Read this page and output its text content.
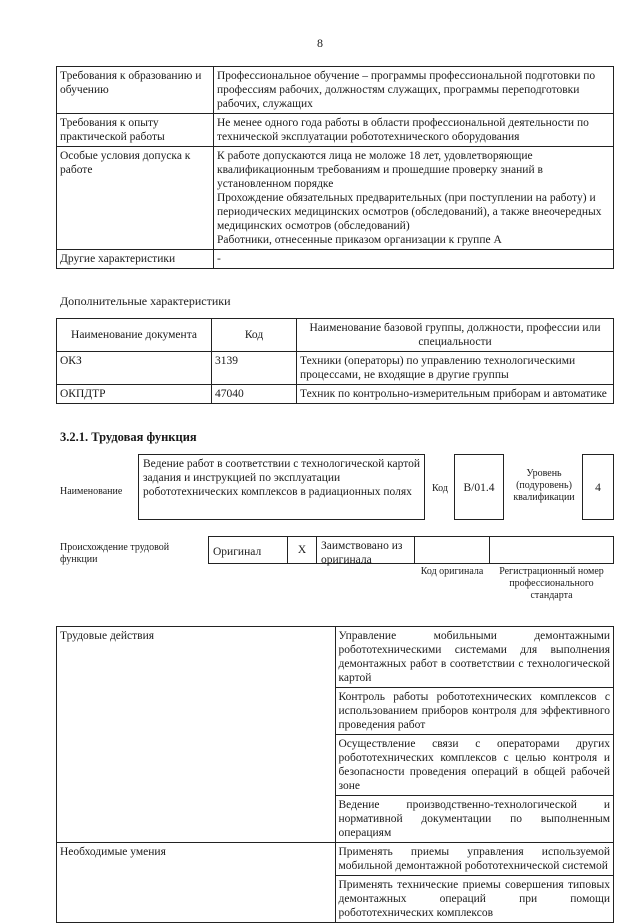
8
Требования к образованию и обучению	Профессиональное обучение – программы профессиональной подготовки по профессиям рабочих, должностям служащих, программы переподготовки рабочих, служащих
Требования к опыту практической работы	Не менее одного года работы в области профессиональной деятельности по технической эксплуатации робототехнического оборудования
Особые условия допуска к работе	К работе допускаются лица не моложе 18 лет, удовлетворяющие квалификационным требованиям и прошедшие проверку знаний в установленном порядке
Прохождение обязательных предварительных (при поступлении на работу) и периодических медицинских осмотров (обследований), а также внеочередных медицинских осмотров (обследований)
Работники, отнесенные приказом организации к группе А

Другие характеристики	-
Дополнительные характеристики
Наименование документа	Код	Наименование базовой группы, должности, профессии или специальности
ОКЗ	3139	Техники (операторы) по управлению технологическими процессами, не входящие в другие группы
ОКПДТР	47040	Техник по контрольно-измерительным приборам и автоматике
3.2.1. Трудовая функция
Наименование
Ведение работ в соответствии с технологической картой задания и инструкцией по эксплуатации робототехнических комплексов в радиационных полях	Код	В/01.4
Уровень (подуровень) квалификации
4
Происхождение трудовой функции
Оригинал	Х	Заимствовано из оригинала
Код оригинала	Регистрационный номер профессионального стандарта
Трудовые действия	Управление мобильными демонтажными робототехническими системами для выполнения демонтажных работ в соответствии с технологической картой
	Контроль работы робототехнических комплексов с использованием приборов контроля для эффективного проведения работ
	Осуществление связи с операторами других робототехнических комплексов с целью контроля и безопасности проведения операций в общей рабочей зоне
	Ведение производственно-технологической и нормативной документации по выполненным операциям
Необходимые умения	Применять приемы управления используемой мобильной демонтажной робототехнической системой
	Применять технические приемы совершения типовых демонтажных операций при помощи робототехнических комплексов
